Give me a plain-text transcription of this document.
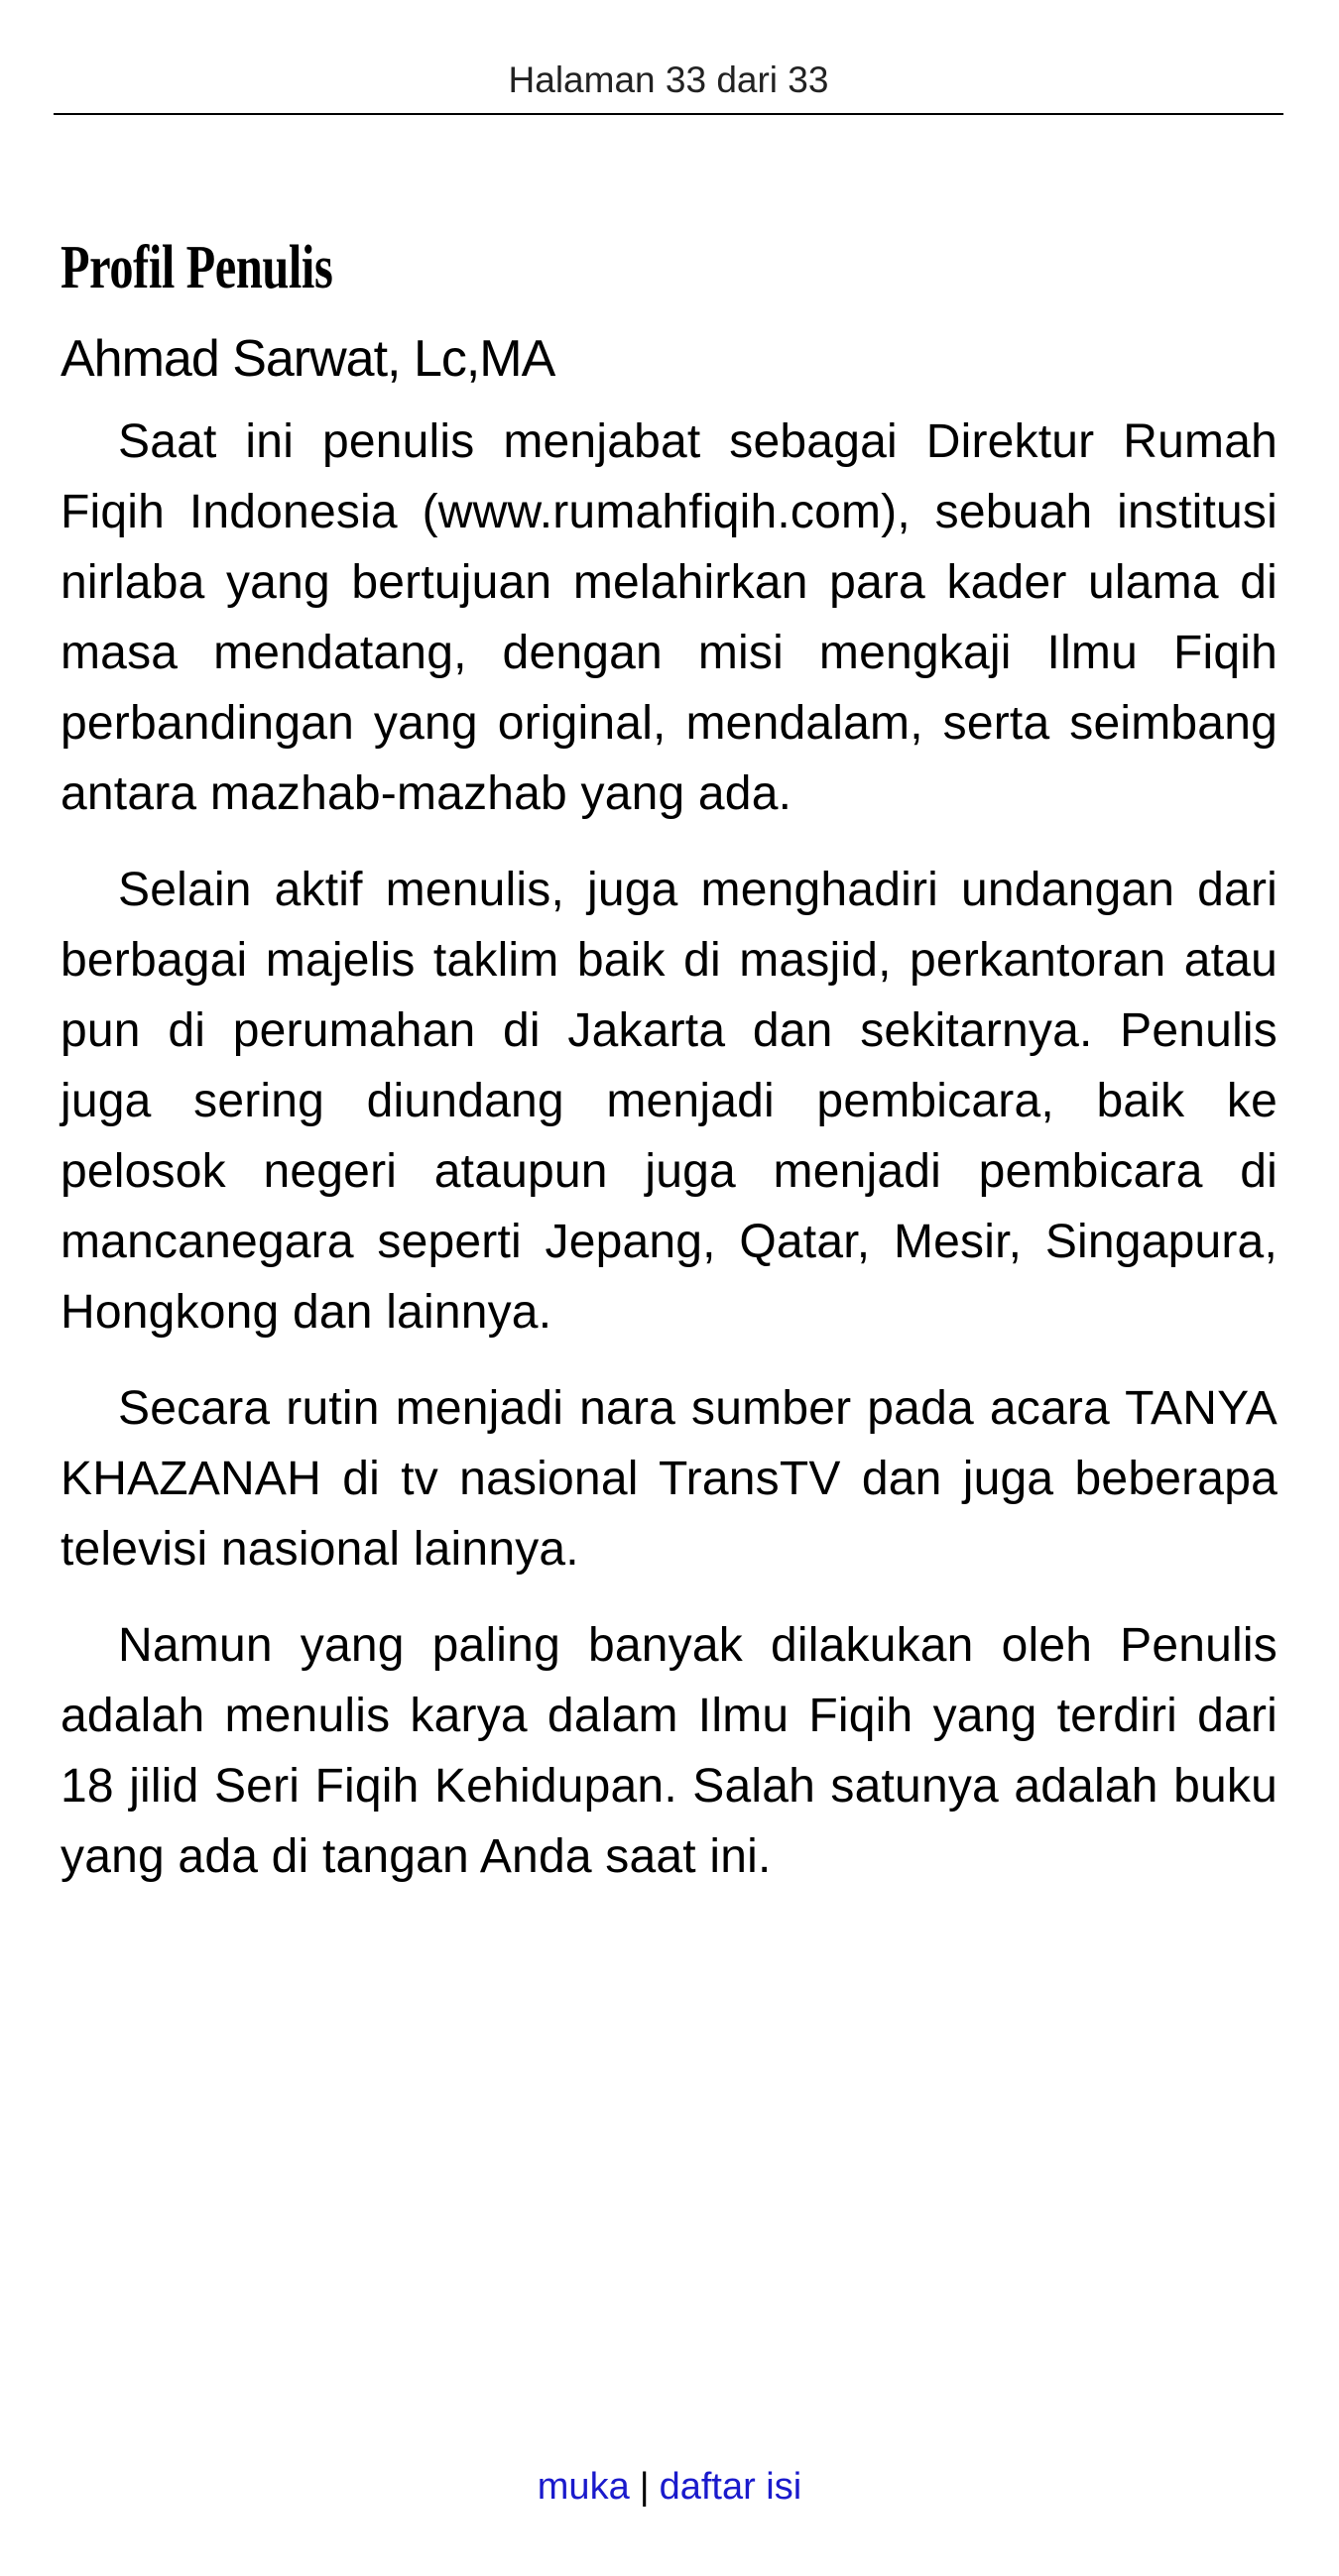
Halaman 33 dari 33
Profil Penulis
Ahmad Sarwat, Lc,MA

Saat ini penulis menjabat sebagai Direktur Rumah Fiqih Indonesia (www.rumahfiqih.com), sebuah institusi nirlaba yang bertujuan melahirkan para kader ulama di masa mendatang, dengan misi mengkaji Ilmu Fiqih perbandingan yang original, mendalam, serta seimbang antara mazhab-mazhab yang ada.

Selain aktif menulis, juga menghadiri undangan dari berbagai majelis taklim baik di masjid, perkantoran atau pun di perumahan di Jakarta dan sekitarnya. Penulis juga sering diundang menjadi pembicara, baik ke pelosok negeri ataupun juga menjadi pembicara di mancanegara seperti Jepang, Qatar, Mesir, Singapura, Hongkong dan lainnya.

Secara rutin menjadi nara sumber pada acara TANYA KHAZANAH di tv nasional TransTV dan juga beberapa televisi nasional lainnya.

Namun yang paling banyak dilakukan oleh Penulis adalah menulis karya dalam Ilmu Fiqih yang terdiri dari 18 jilid Seri Fiqih Kehidupan. Salah satunya adalah buku yang ada di tangan Anda saat ini.

muka | daftar isi
